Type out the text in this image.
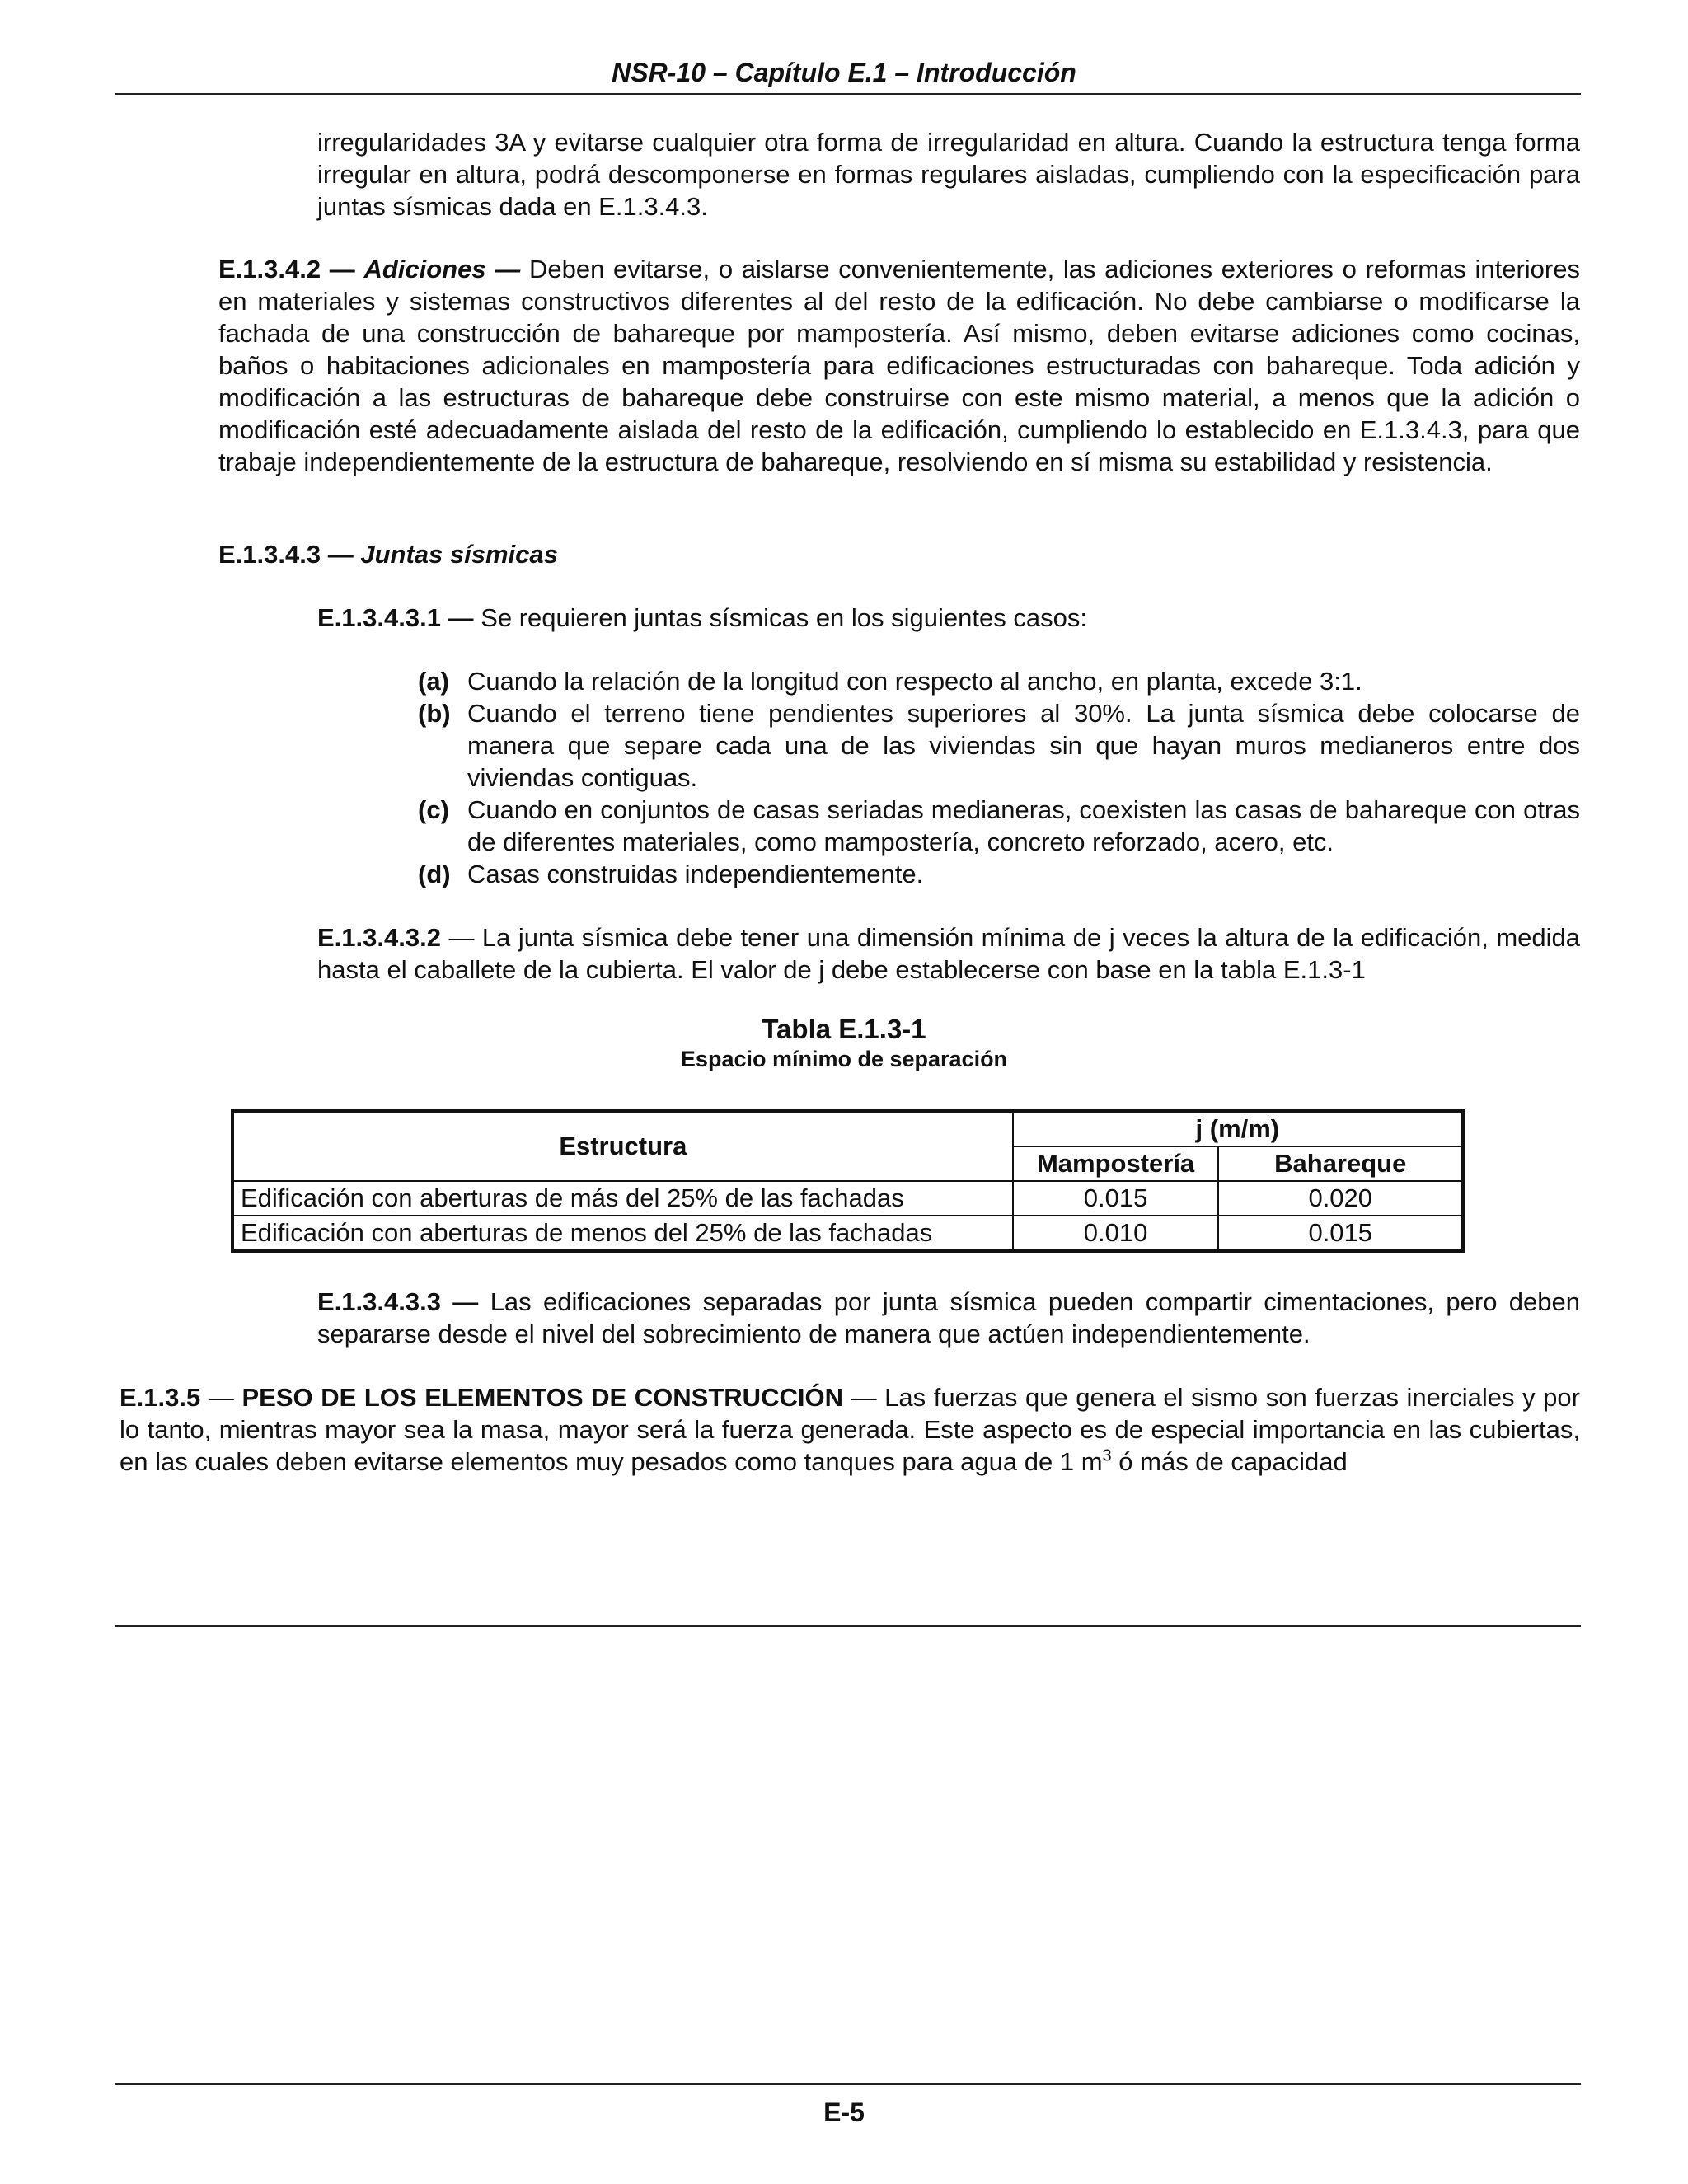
NSR-10 – Capítulo E.1 – Introducción

irregularidades 3A y evitarse cualquier otra forma de irregularidad en altura. Cuando la estructura tenga forma irregular en altura, podrá descomponerse en formas regulares aisladas, cumpliendo con la especificación para juntas sísmicas dada en E.1.3.4.3.

E.1.3.4.2 — Adiciones — Deben evitarse, o aislarse convenientemente, las adiciones exteriores o reformas interiores en materiales y sistemas constructivos diferentes al del resto de la edificación. No debe cambiarse o modificarse la fachada de una construcción de bahareque por mampostería. Así mismo, deben evitarse adiciones como cocinas, baños o habitaciones adicionales en mampostería para edificaciones estructuradas con bahareque. Toda adición y modificación a las estructuras de bahareque debe construirse con este mismo material, a menos que la adición o modificación esté adecuadamente aislada del resto de la edificación, cumpliendo lo establecido en E.1.3.4.3, para que trabaje independientemente de la estructura de bahareque, resolviendo en sí misma su estabilidad y resistencia.

E.1.3.4.3 — Juntas sísmicas

E.1.3.4.3.1 — Se requieren juntas sísmicas en los siguientes casos:

(a) Cuando la relación de la longitud con respecto al ancho, en planta, excede 3:1.
(b) Cuando el terreno tiene pendientes superiores al 30%. La junta sísmica debe colocarse de manera que separe cada una de las viviendas sin que hayan muros medianeros entre dos viviendas contiguas.
(c) Cuando en conjuntos de casas seriadas medianeras, coexisten las casas de bahareque con otras de diferentes materiales, como mampostería, concreto reforzado, acero, etc.
(d) Casas construidas independientemente.

E.1.3.4.3.2 — La junta sísmica debe tener una dimensión mínima de j veces la altura de la edificación, medida hasta el caballete de la cubierta. El valor de j debe establecerse con base en la tabla E.1.3-1

Tabla E.1.3-1
Espacio mínimo de separación
Estructura	j (m/m)	
	Mampostería	Bahareque
Edificación con aberturas de más del 25% de las fachadas	0.015	0.020
Edificación con aberturas de menos del 25% de las fachadas	0.010	0.015

E.1.3.4.3.3 — Las edificaciones separadas por junta sísmica pueden compartir cimentaciones, pero deben separarse desde el nivel del sobrecimiento de manera que actúen independientemente.

E.1.3.5 — PESO DE LOS ELEMENTOS DE CONSTRUCCIÓN — Las fuerzas que genera el sismo son fuerzas inerciales y por lo tanto, mientras mayor sea la masa, mayor será la fuerza generada. Este aspecto es de especial importancia en las cubiertas, en las cuales deben evitarse elementos muy pesados como tanques para agua de 1 $m^3$ ó más de capacidad

E-5
